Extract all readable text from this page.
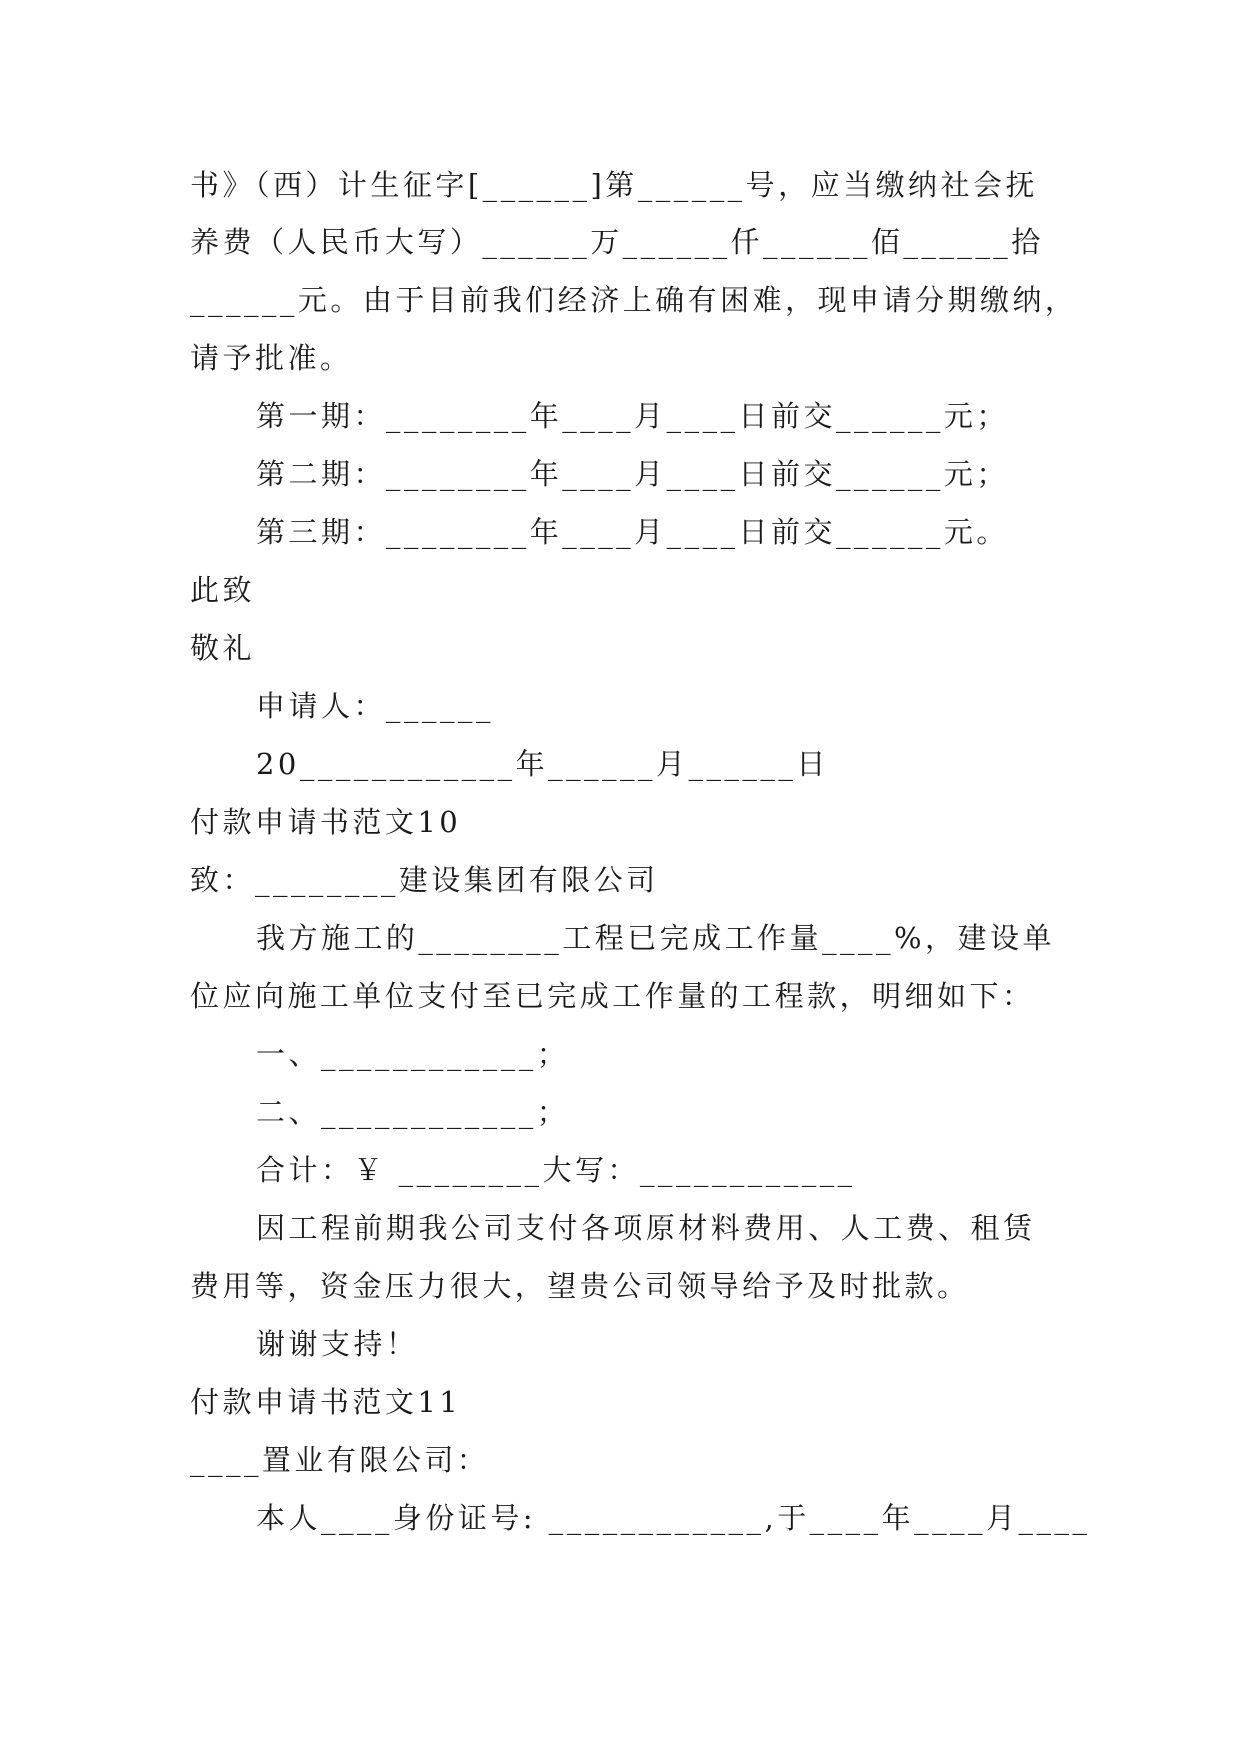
书》（西）计生征字[______]第______号，应当缴纳社会抚
养费（人民币大写）______万______仟______佰______拾
______元。由于目前我们经济上确有困难，现申请分期缴纳，
请予批准。
第一期：________年____月____日前交______元；
第二期：________年____月____日前交______元；
第三期：________年____月____日前交______元。
此致
敬礼
申请人：______
20____________年______月______日
付款申请书范文10
致：________建设集团有限公司
我方施工的________工程已完成工作量____%，建设单
位应向施工单位支付至已完成工作量的工程款，明细如下：
一、____________；
二、____________；
合计：￥ ________大写：____________
因工程前期我公司支付各项原材料费用、人工费、租赁
费用等，资金压力很大，望贵公司领导给予及时批款。
谢谢支持！
付款申请书范文11
____置业有限公司：
本人____身份证号: ____________,于____年____月____
